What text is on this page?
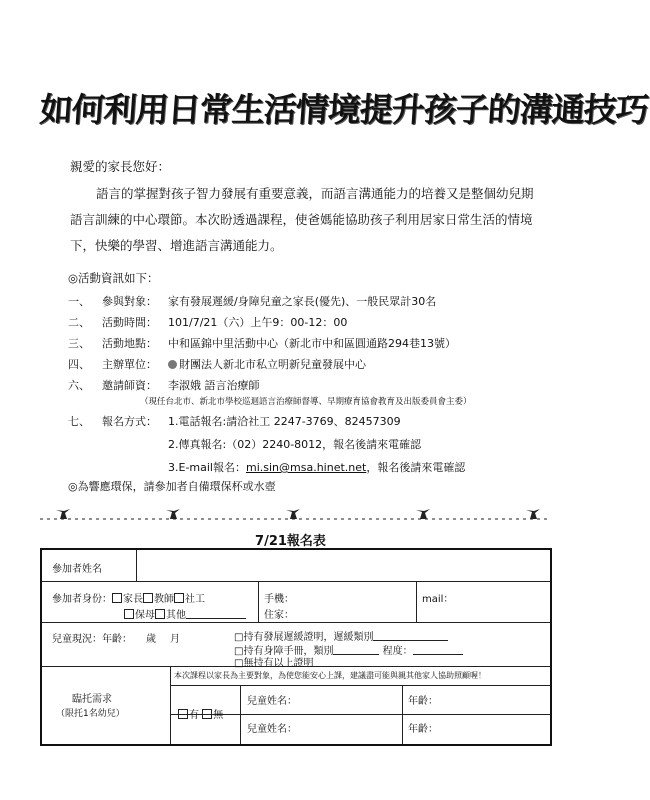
如何利用日常生活情境提升孩子的溝通技巧
親愛的家長您好：
語言的掌握對孩子智力發展有重要意義，而語言溝通能力的培養又是整個幼兒期語言訓練的中心環節。本次盼透過課程，使爸媽能協助孩子利用居家日常生活的情境下，快樂的學習、增進語言溝通能力。
◎活動資訊如下：
一、 參與對象： 家有發展遲緩/身障兒童之家長(優先)、一般民眾計30名
二、 活動時間： 101/7/21（六）上午9：00-12：00
三、 活動地點： 中和區錦中里活動中心（新北市中和區圓通路294巷13號）
四、 主辦單位： 財團法人新北市私立明新兒童發展中心
六、 邀請師資： 李淑娥 語言治療師
（現任台北市、新北市學校巡迴語言治療師督導、早期療育協會教育及出版委員會主委）
七、 報名方式： 1.電話報名:請洽社工 2247-3769、82457309
2.傳真報名:（02）2240-8012，報名後請來電確認
3.E-mail報名：mi.sin@msa.hinet.net，報名後請來電確認
◎為響應環保，請參加者自備環保杯或水壺
7/21報名表
參加者姓名
參加者身份： 家長 教師 社工
保母 其他
手機：
住家：
mail：
兒童現況：年齡： 歲 月	□持有發展遲緩證明，遲緩類別
□持有身障手冊，類別	程度：
□無持有以上證明
臨托需求
（限托1名幼兒）
本次課程以家長為主要對象，為使您能安心上課，建議盡可能與親其他家人協助照顧喔！
有 無
兒童姓名：
兒童姓名：
年齡：
年齡：
